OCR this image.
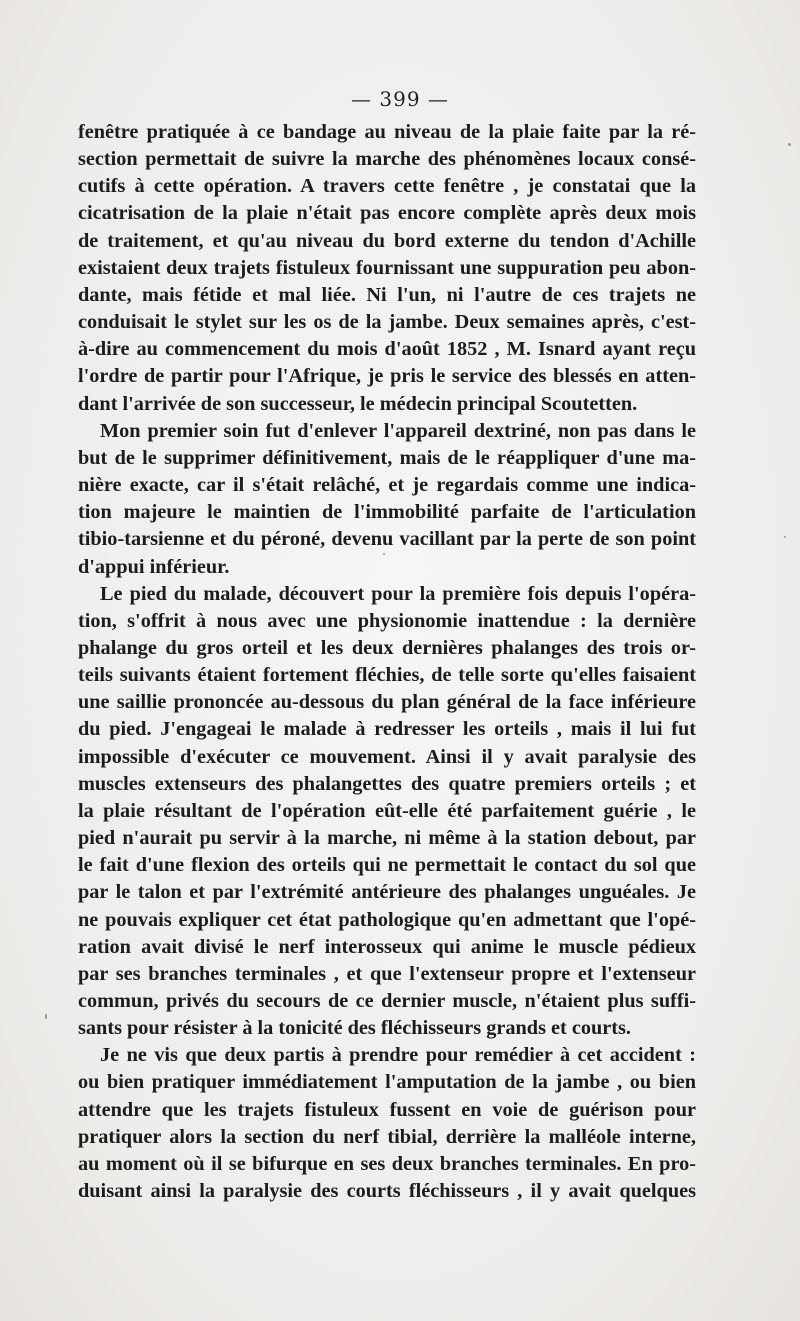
— 399 —
fenêtre pratiquée à ce bandage au niveau de la plaie faite par la ré-
section permettait de suivre la marche des phénomènes locaux consé-
cutifs à cette opération. A travers cette fenêtre , je constatai que la
cicatrisation de la plaie n'était pas encore complète après deux mois
de traitement, et qu'au niveau du bord externe du tendon d'Achille
existaient deux trajets fistuleux fournissant une suppuration peu abon-
dante, mais fétide et mal liée. Ni l'un, ni l'autre de ces trajets ne
conduisait le stylet sur les os de la jambe. Deux semaines après, c'est-
à-dire au commencement du mois d'août 1852 , M. Isnard ayant reçu
l'ordre de partir pour l'Afrique, je pris le service des blessés en atten-
dant l'arrivée de son successeur, le médecin principal Scoutetten.
Mon premier soin fut d'enlever l'appareil dextriné, non pas dans le
but de le supprimer définitivement, mais de le réappliquer d'une ma-
nière exacte, car il s'était relâché, et je regardais comme une indica-
tion majeure le maintien de l'immobilité parfaite de l'articulation
tibio-tarsienne et du péroné, devenu vacillant par la perte de son point
d'appui inférieur.
Le pied du malade, découvert pour la première fois depuis l'opéra-
tion, s'offrit à nous avec une physionomie inattendue : la dernière
phalange du gros orteil et les deux dernières phalanges des trois or-
teils suivants étaient fortement fléchies, de telle sorte qu'elles faisaient
une saillie prononcée au-dessous du plan général de la face inférieure
du pied. J'engageai le malade à redresser les orteils , mais il lui fut
impossible d'exécuter ce mouvement. Ainsi il y avait paralysie des
muscles extenseurs des phalangettes des quatre premiers orteils ; et
la plaie résultant de l'opération eût-elle été parfaitement guérie , le
pied n'aurait pu servir à la marche, ni même à la station debout, par
le fait d'une flexion des orteils qui ne permettait le contact du sol que
par le talon et par l'extrémité antérieure des phalanges unguéales. Je
ne pouvais expliquer cet état pathologique qu'en admettant que l'opé-
ration avait divisé le nerf interosseux qui anime le muscle pédieux
par ses branches terminales , et que l'extenseur propre et l'extenseur
commun, privés du secours de ce dernier muscle, n'étaient plus suffi-
sants pour résister à la tonicité des fléchisseurs grands et courts.
Je ne vis que deux partis à prendre pour remédier à cet accident :
ou bien pratiquer immédiatement l'amputation de la jambe , ou bien
attendre que les trajets fistuleux fussent en voie de guérison pour
pratiquer alors la section du nerf tibial, derrière la malléole interne,
au moment où il se bifurque en ses deux branches terminales. En pro-
duisant ainsi la paralysie des courts fléchisseurs , il y avait quelques
